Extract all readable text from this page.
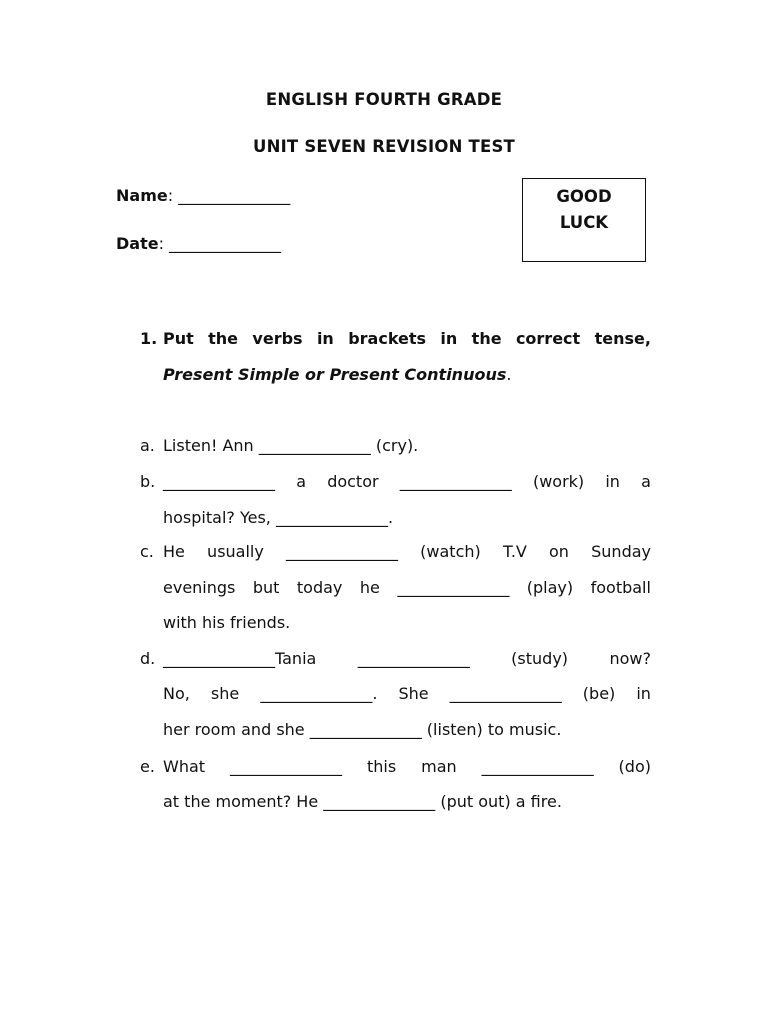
ENGLISH FOURTH GRADE
UNIT SEVEN REVISION TEST
Name: ______________
Date: ______________
GOOD
LUCK
1. Put the verbs in brackets in the correct tense,
Present Simple or Present Continuous.
a. Listen! Ann ______________ (cry).
b. ______________ a doctor ______________ (work) in a
hospital? Yes, ______________.
c. He usually ______________ (watch) T.V on Sunday
evenings but today he ______________ (play) football
with his friends.
d. ______________Tania	______________	(study)	now?
No, she ______________. She ______________ (be) in
her room and she ______________ (listen) to music.
e. What ______________ this man ______________ (do)
at the moment? He ______________ (put out) a fire.
